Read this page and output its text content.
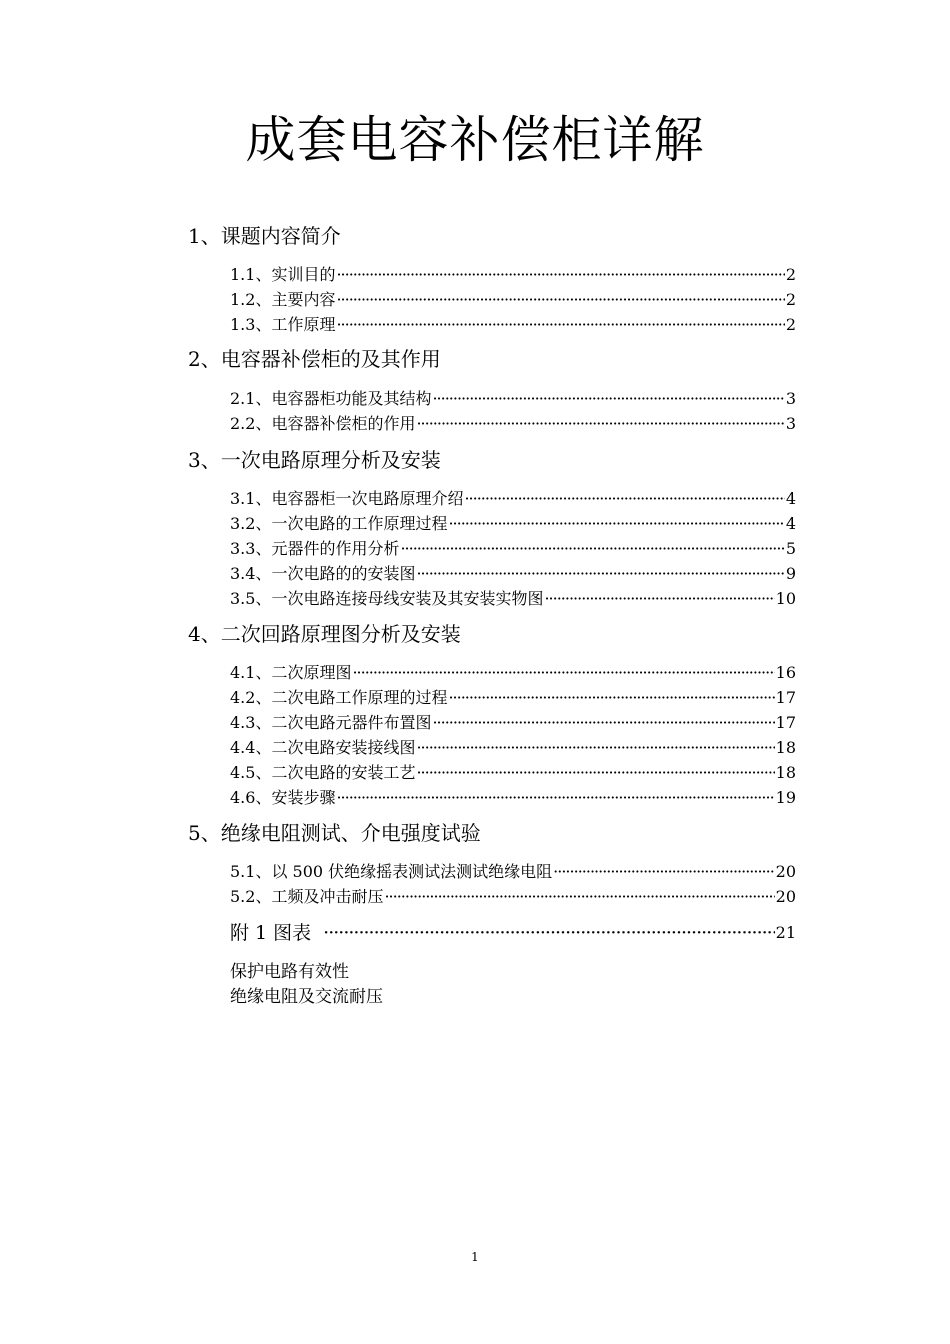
成套电容补偿柜详解
1、课题内容简介
1.1、实训目的 ·····	2
1.2、主要内容 ·····	2
1.3、工作原理 ·····	2
2、电容器补偿柜的及其作用
2.1、电容器柜功能及其结构 ·····	3
2.2、电容器补偿柜的作用 ·····	3
3、一次电路原理分析及安装
3.1、电容器柜一次电路原理介绍 ·····	4
3.2、一次电路的工作原理过程 ·····	4
3.3、元器件的作用分析 ·····	5
3.4、一次电路的的安装图 ·····	9
3.5、一次电路连接母线安装及其安装实物图 ·····	10
4、二次回路原理图分析及安装
4.1、二次原理图 ·····	16
4.2、二次电路工作原理的过程 ·····	17
4.3、二次电路元器件布置图 ·····	17
4.4、二次电路安装接线图 ·····	18
4.5、二次电路的安装工艺 ·····	18
4.6、安装步骤 ·····	19
5、绝缘电阻测试、介电强度试验
5.1、以 500 伏绝缘摇表测试法测试绝缘电阻 ·····	20
5.2、工频及冲击耐压 ·····	20
附 1 图表 ·····	21
保护电路有效性
绝缘电阻及交流耐压
1
